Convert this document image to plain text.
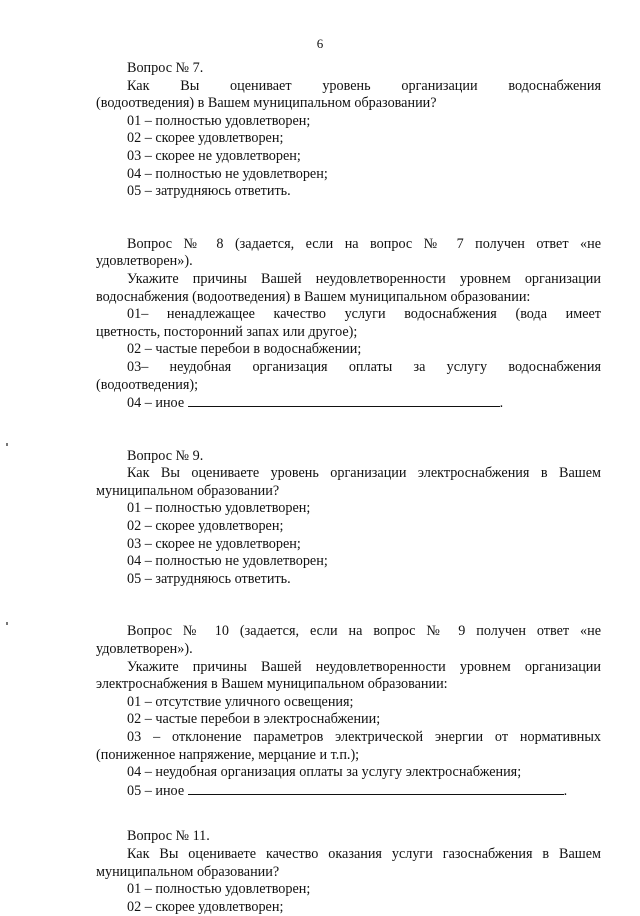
6
Вопрос № 7.
Как Вы оценивает уровень организации водоснабжения
(водоотведения) в Вашем муниципальном образовании?
01 – полностью удовлетворен;
02 – скорее удовлетворен;
03 – скорее не удовлетворен;
04 – полностью не удовлетворен;
05 – затрудняюсь ответить.
Вопрос № 8 (задается, если на вопрос № 7 получен ответ «не
удовлетворен»).
Укажите причины Вашей неудовлетворенности уровнем организации
водоснабжения (водоотведения) в Вашем муниципальном образовании:
01– ненадлежащее качество услуги водоснабжения (вода имеет
цветность, посторонний запах или другое);
02 – частые перебои в водоснабжении;
03– неудобная организация оплаты за услугу водоснабжения
(водоотведения);
04 – иное	.
Вопрос № 9.
Как Вы оцениваете уровень организации электроснабжения в Вашем
муниципальном образовании?
01 – полностью удовлетворен;
02 – скорее удовлетворен;
03 – скорее не удовлетворен;
04 – полностью не удовлетворен;
05 – затрудняюсь ответить.
Вопрос № 10 (задается, если на вопрос № 9 получен ответ «не
удовлетворен»).
Укажите причины Вашей неудовлетворенности уровнем организации
электроснабжения в Вашем муниципальном образовании:
01 – отсутствие уличного освещения;
02 – частые перебои в электроснабжении;
03 – отклонение параметров электрической энергии от нормативных
(пониженное напряжение, мерцание и т.п.);
04 – неудобная организация оплаты за услугу электроснабжения;
05 – иное	.
Вопрос № 11.
Как Вы оцениваете качество оказания услуги газоснабжения в Вашем
муниципальном образовании?
01 – полностью удовлетворен;
02 – скорее удовлетворен;
